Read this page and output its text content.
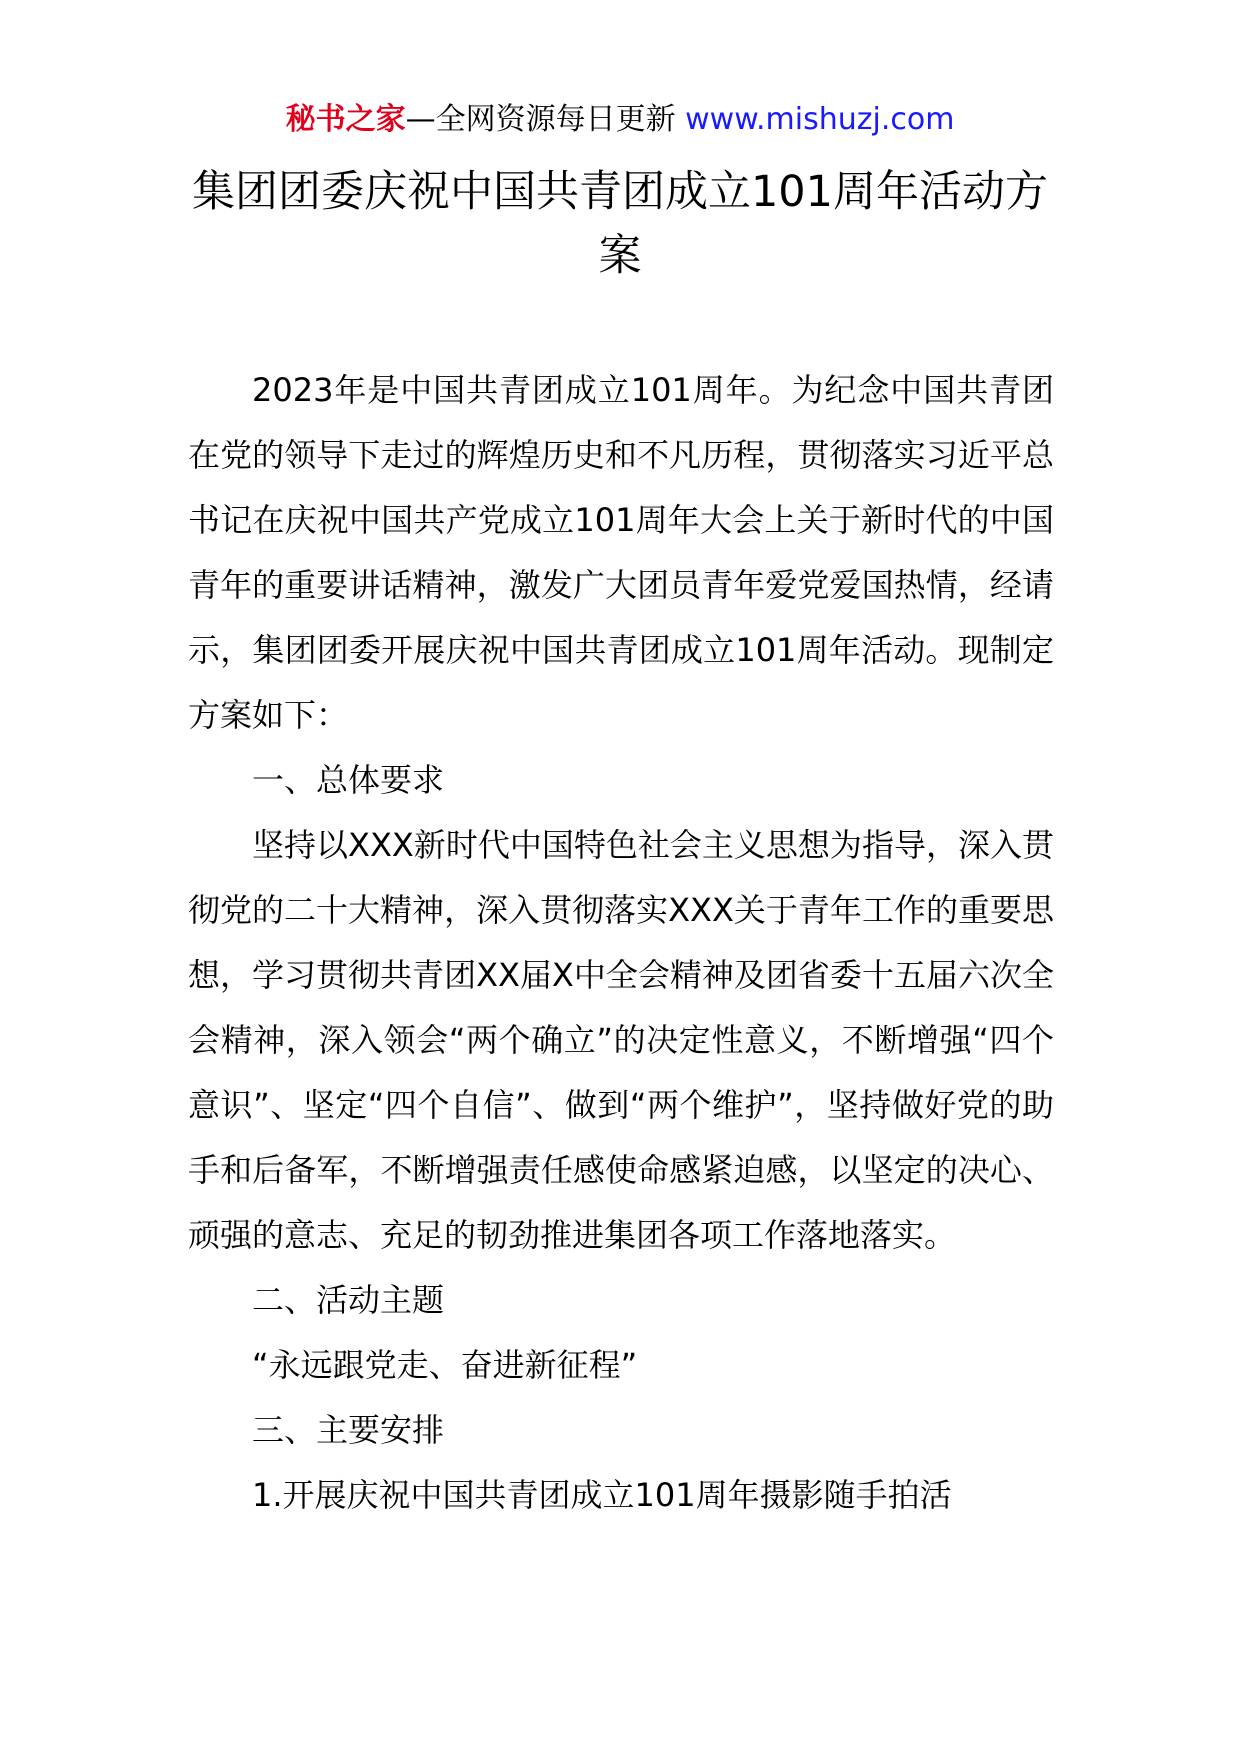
秘书之家—全网资源每日更新 www.mishuzj.com
集团团委庆祝中国共青团成立101周年活动方案

2023年是中国共青团成立101周年。为纪念中国共青团在党的领导下走过的辉煌历史和不凡历程，贯彻落实习近平总书记在庆祝中国共产党成立101周年大会上关于新时代的中国青年的重要讲话精神，激发广大团员青年爱党爱国热情，经请示，集团团委开展庆祝中国共青团成立101周年活动。现制定方案如下：

一、总体要求

坚持以XXX新时代中国特色社会主义思想为指导，深入贯彻党的二十大精神，深入贯彻落实XXX关于青年工作的重要思想，学习贯彻共青团XX届X中全会精神及团省委十五届六次全会精神，深入领会“两个确立”的决定性意义，不断增强“四个意识”、坚定“四个自信”、做到“两个维护”，坚持做好党的助手和后备军，不断增强责任感使命感紧迫感，以坚定的决心、顽强的意志、充足的韧劲推进集团各项工作落地落实。

二、活动主题

“永远跟党走、奋进新征程”

三、主要安排

1.开展庆祝中国共青团成立101周年摄影随手拍活
